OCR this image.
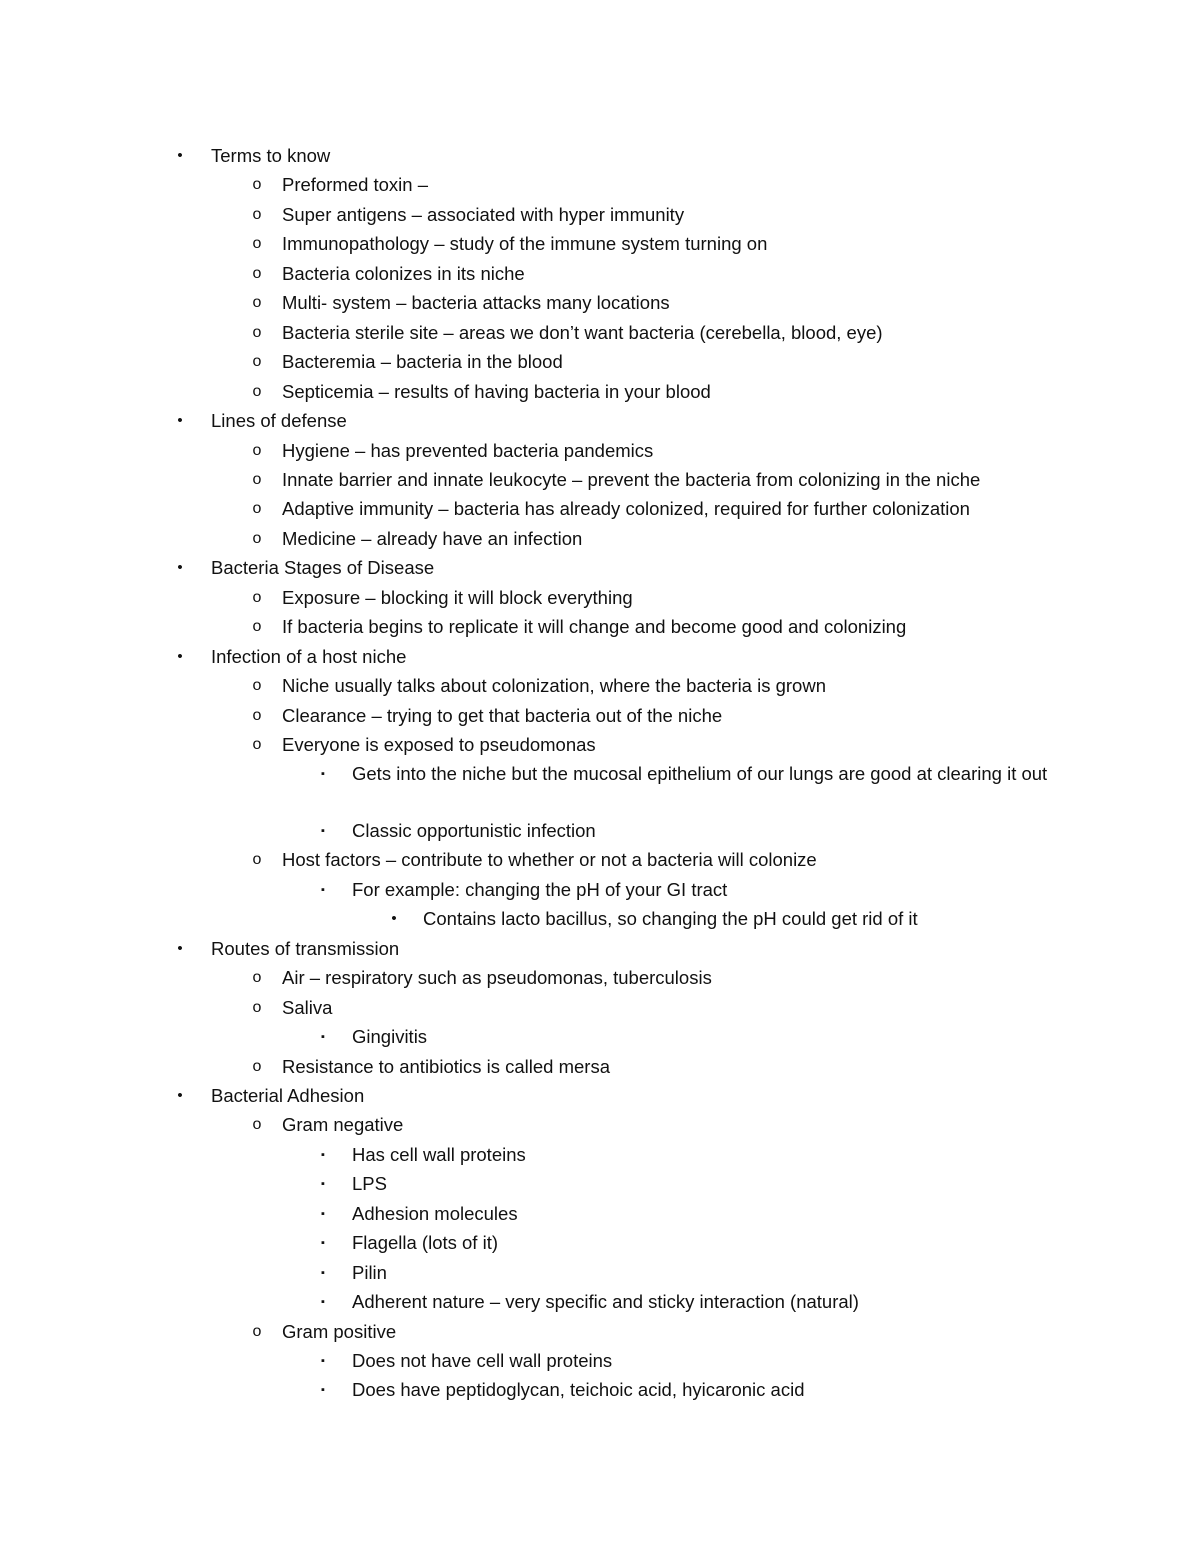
•	Terms to know
o Preformed toxin –
o Super antigens – associated with hyper immunity
o Immunopathology – study of the immune system turning on
o Bacteria colonizes in its niche
o Multi- system – bacteria attacks many locations
o Bacteria sterile site – areas we don’t want bacteria (cerebella, blood, eye)
o Bacteremia – bacteria in the blood
o Septicemia – results of having bacteria in your blood
•	Lines of defense
o Hygiene – has prevented bacteria pandemics
o Innate barrier and innate leukocyte – prevent the bacteria from colonizing in the niche
o Adaptive immunity – bacteria has already colonized, required for further colonization
o Medicine – already have an infection
•	Bacteria Stages of Disease
o Exposure – blocking it will block everything
o If bacteria begins to replicate it will change and become good and colonizing
•	Infection of a host niche
o Niche usually talks about colonization, where the bacteria is grown
o Clearance – trying to get that bacteria out of the niche
o Everyone is exposed to pseudomonas
▪	Gets into the niche but the mucosal epithelium of our lungs are good at clearing it out
▪	Classic opportunistic infection
o Host factors – contribute to whether or not a bacteria will colonize
▪	For example: changing the pH of your GI tract
•	Contains lacto bacillus, so changing the pH could get rid of it
•	Routes of transmission
o Air – respiratory such as pseudomonas, tuberculosis
o Saliva
▪	Gingivitis
o Resistance to antibiotics is called mersa
•	Bacterial Adhesion
o Gram negative
▪	Has cell wall proteins
▪	LPS
▪	Adhesion molecules
▪	Flagella (lots of it)
▪	Pilin
▪	Adherent nature – very specific and sticky interaction (natural)
o Gram positive
▪	Does not have cell wall proteins
▪	Does have peptidoglycan, teichoic acid, hyicaronic acid
